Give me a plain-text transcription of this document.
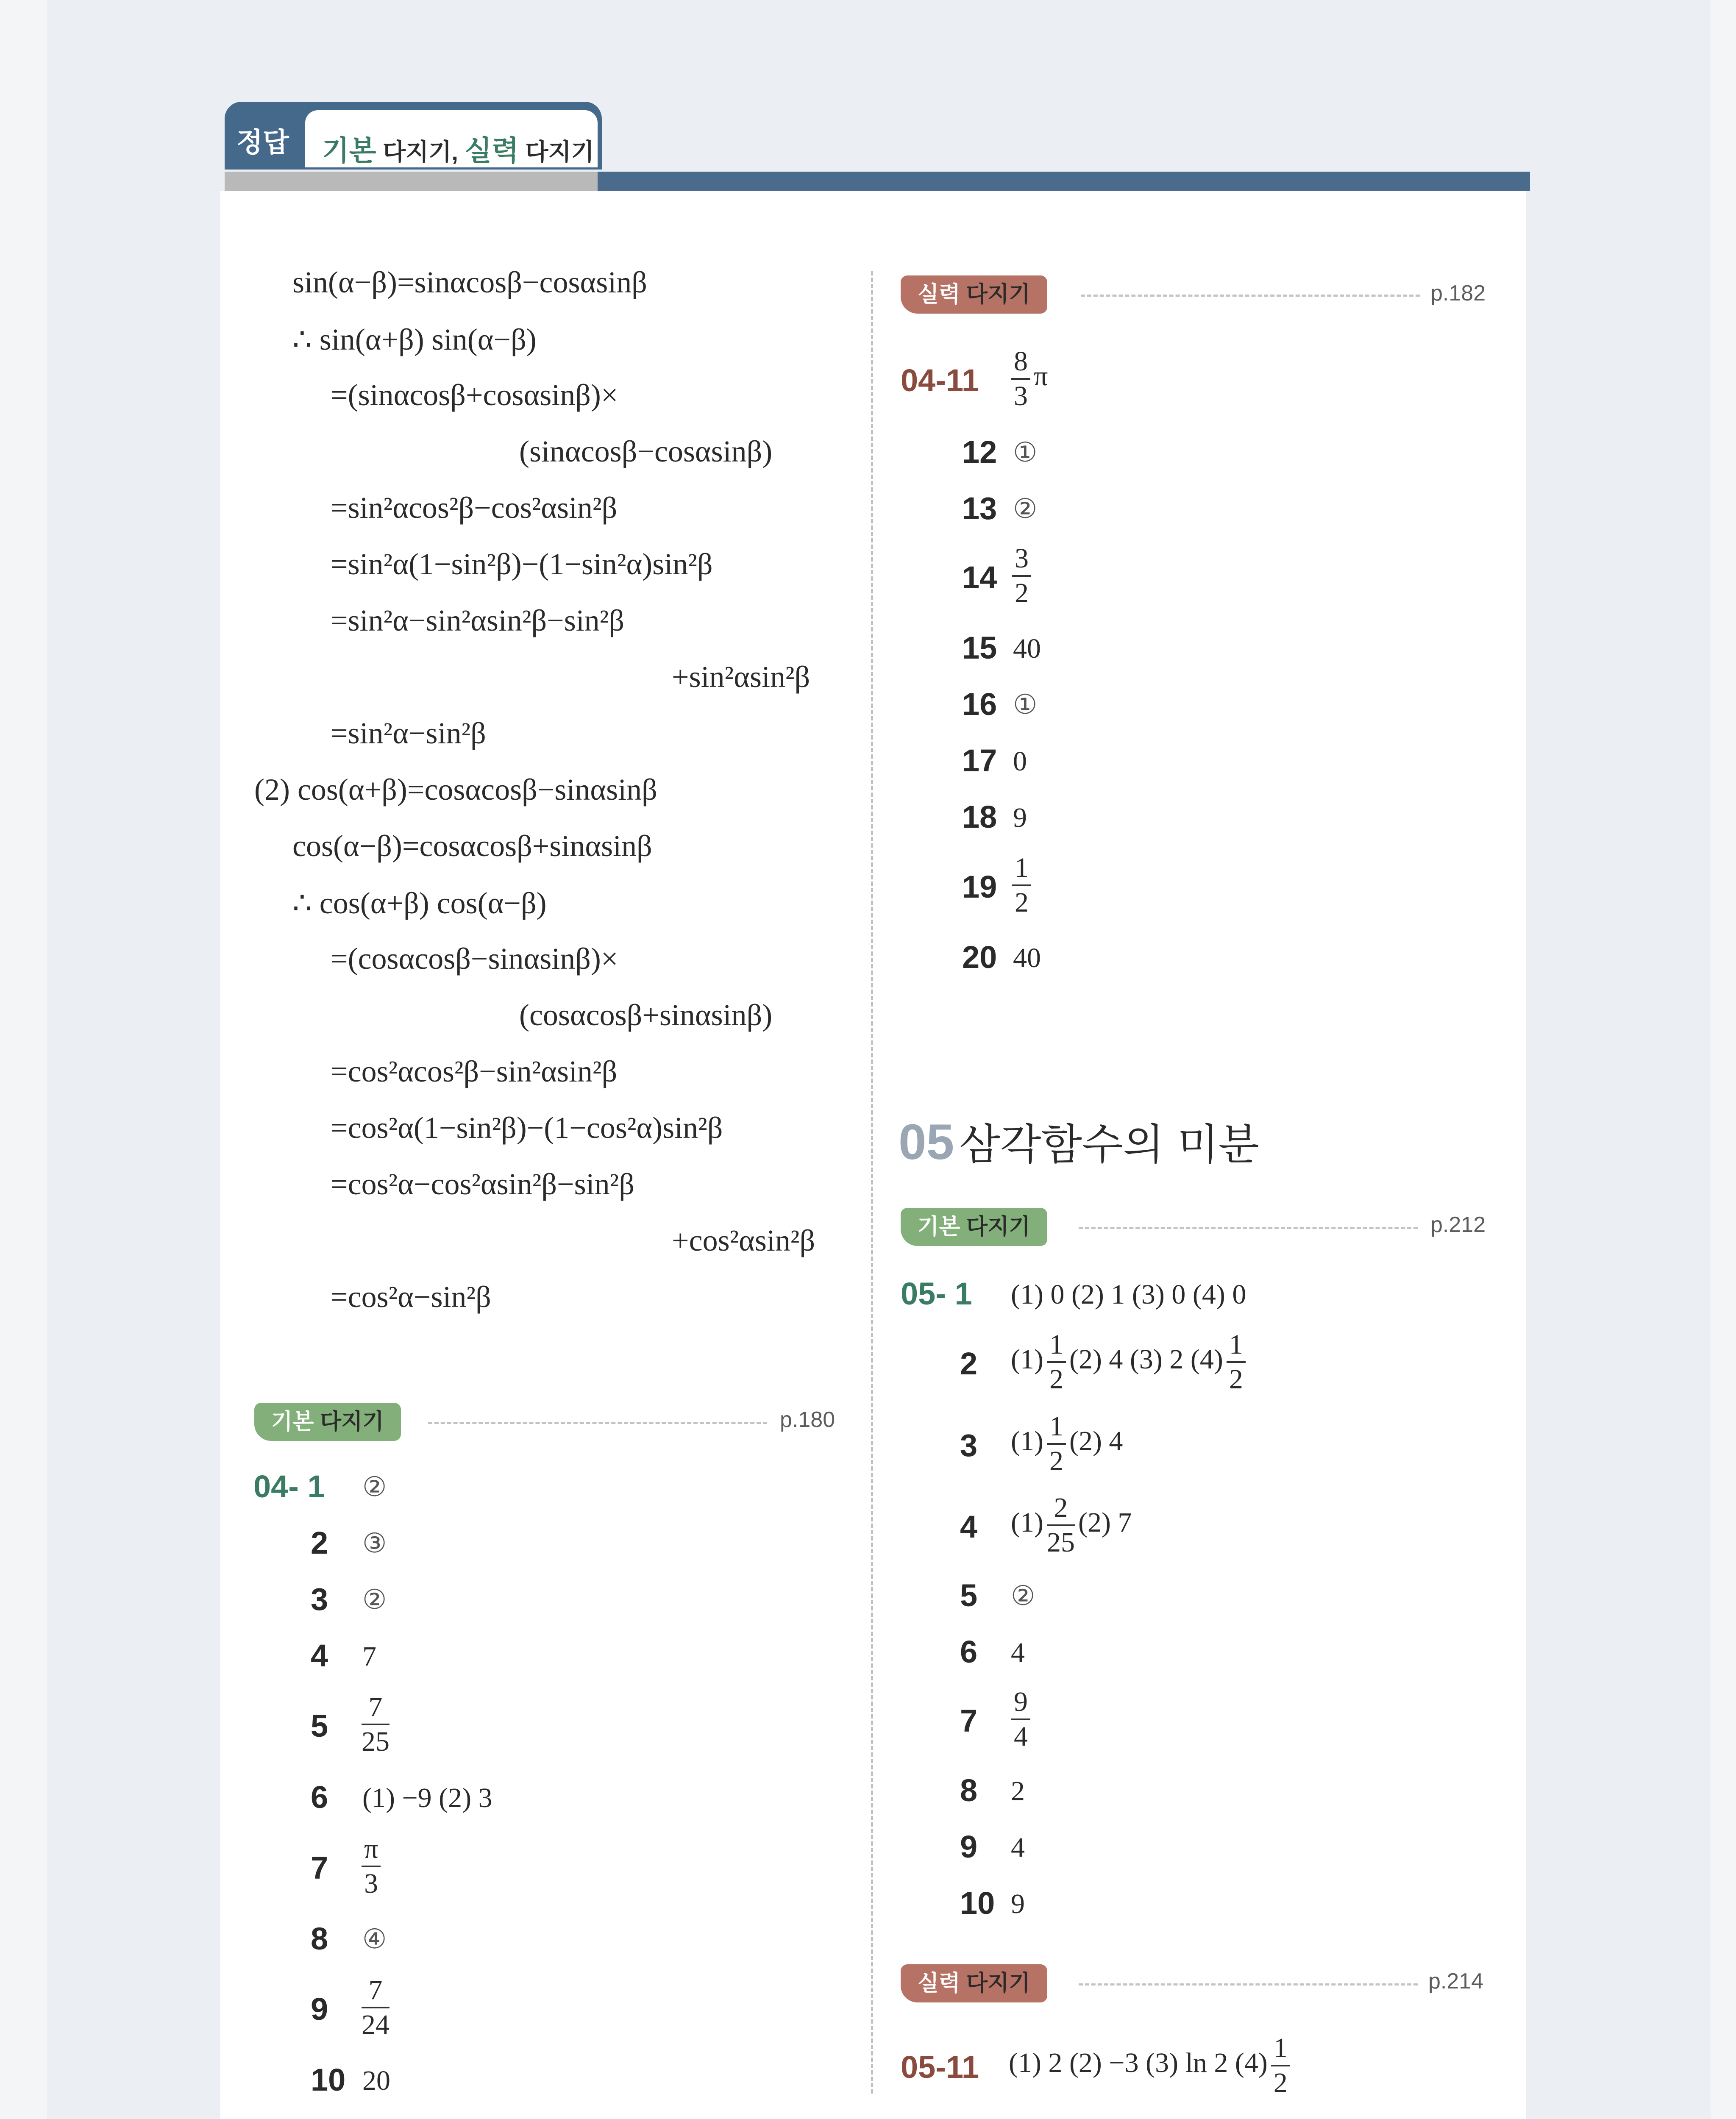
정답 기본 다지기, 실력 다지기
sin(α−β)=sinαcosβ−cosαsinβ
∴ sin(α+β) sin(α−β)
=(sinαcosβ+cosαsinβ)×
(sinαcosβ−cosαsinβ)
=sin²αcos²β−cos²αsin²β
=sin²α(1−sin²β)−(1−sin²α)sin²β
=sin²α−sin²αsin²β−sin²β
+sin²αsin²β
=sin²α−sin²β
(2) cos(α+β)=cosαcosβ−sinαsinβ
cos(α−β)=cosαcosβ+sinαsinβ
∴ cos(α+β) cos(α−β)
=(cosαcosβ−sinαsinβ)×
(cosαcosβ+sinαsinβ)
=cos²αcos²β−sin²αsin²β
=cos²α(1−sin²β)−(1−cos²α)sin²β
=cos²α−cos²αsin²β−sin²β
+cos²αsin²β
=cos²α−sin²β
기본 다지기	p.180
04- 1 ②
2 ③
3 ②
4 7
$5 \frac{7}{25}$
6 (1) −9 (2) 3
$7 \frac{\pi}{3}$
8 ④
$9 \frac{7}{24}$
10 20
실력 다지기	p.182
$04-11 \frac{8}{3}$ π
12 ①
13 ②
$14 \frac{3}{2}$
15 40
16 ①
17 0
18 9
$19 \frac{1}{2}$
20 40
05 삼각함수의 미분
기본 다지기	p.212
05- 1 (1) 0 (2) 1 (3) 0 (4) 0
2 $(1) \frac{1}{2} (2)$ 4 (3) 2 $(4) \frac{1}{2}$
3 $(1) \frac{1}{2} (2)$ 4
4 $(1) \frac{2}{25} (2)$ 7
5 ②
6 4
$7 \frac{9}{4}$
8 2
9 4
10 9
실력 다지기	p.214
05-11 (1) 2 (2) −3 (3) ln 2 $(4) \frac{1}{2}$
